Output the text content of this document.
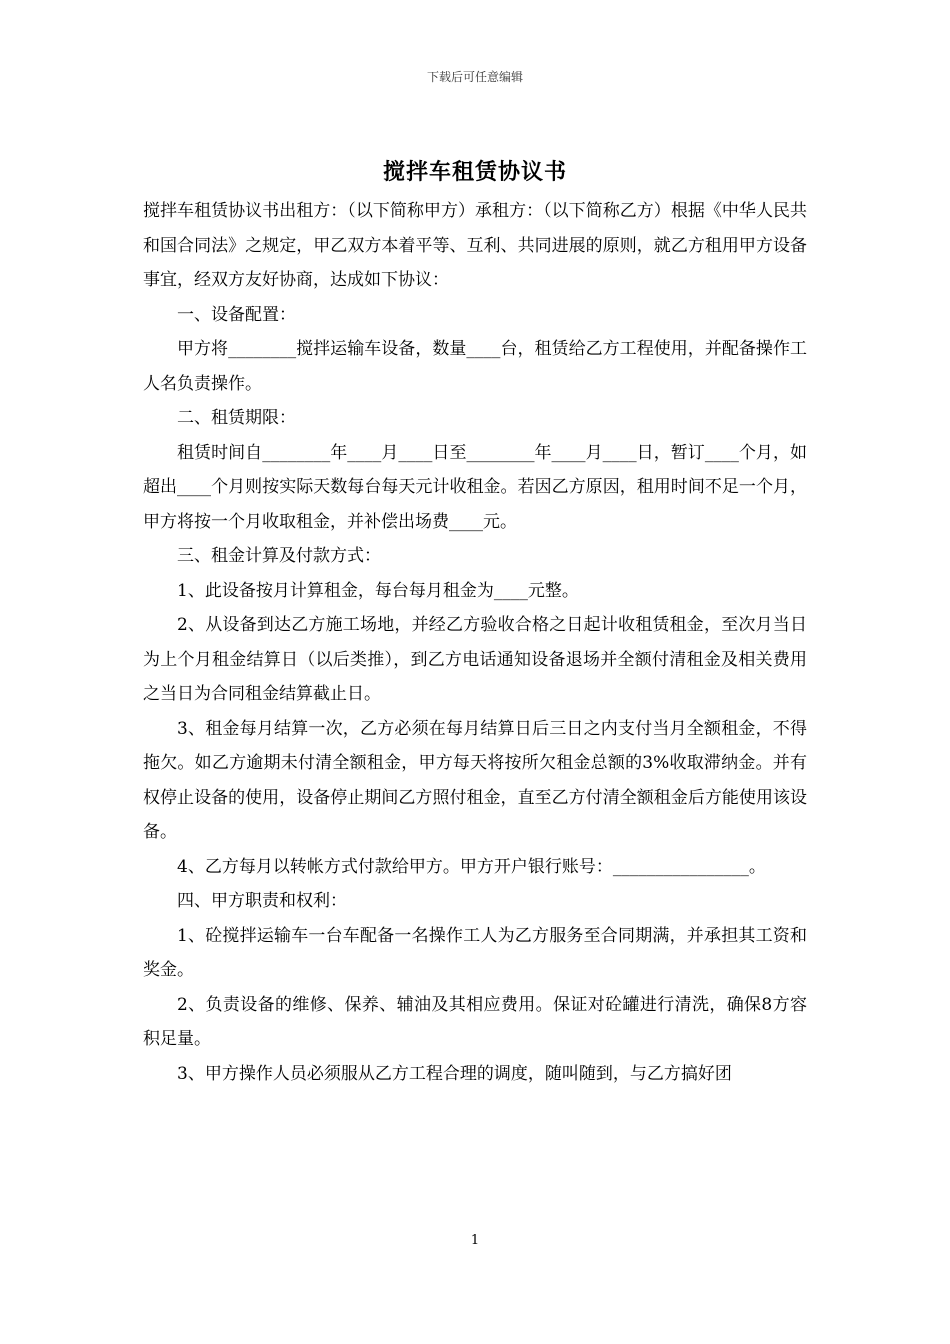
下载后可任意编辑
搅拌车租赁协议书

搅拌车租赁协议书出租方：（以下简称甲方）承租方：（以下简称乙方）根据《中华人民共和国合同法》之规定，甲乙双方本着平等、互利、共同进展的原则，就乙方租用甲方设备事宜，经双方友好协商，达成如下协议：

一、设备配置：

甲方将________搅拌运输车设备，数量____台，租赁给乙方工程使用，并配备操作工人名负责操作。

二、租赁期限：

租赁时间自________年____月____日至________年____月____日，暂订____个月，如超出____个月则按实际天数每台每天元计收租金。若因乙方原因，租用时间不足一个月，甲方将按一个月收取租金，并补偿出场费____元。

三、租金计算及付款方式：

1、此设备按月计算租金，每台每月租金为____元整。

2、从设备到达乙方施工场地，并经乙方验收合格之日起计收租赁租金，至次月当日为上个月租金结算日（以后类推），到乙方电话通知设备退场并全额付清租金及相关费用之当日为合同租金结算截止日。

3、租金每月结算一次，乙方必须在每月结算日后三日之内支付当月全额租金，不得拖欠。如乙方逾期未付清全额租金，甲方每天将按所欠租金总额的3%收取滞纳金。并有权停止设备的使用，设备停止期间乙方照付租金，直至乙方付清全额租金后方能使用该设备。

4、乙方每月以转帐方式付款给甲方。甲方开户银行账号：________________。

四、甲方职责和权利：

1、砼搅拌运输车一台车配备一名操作工人为乙方服务至合同期满，并承担其工资和奖金。

2、负责设备的维修、保养、辅油及其相应费用。保证对砼罐进行清洗，确保8方容积足量。

3、甲方操作人员必须服从乙方工程合理的调度，随叫随到，与乙方搞好团

1
